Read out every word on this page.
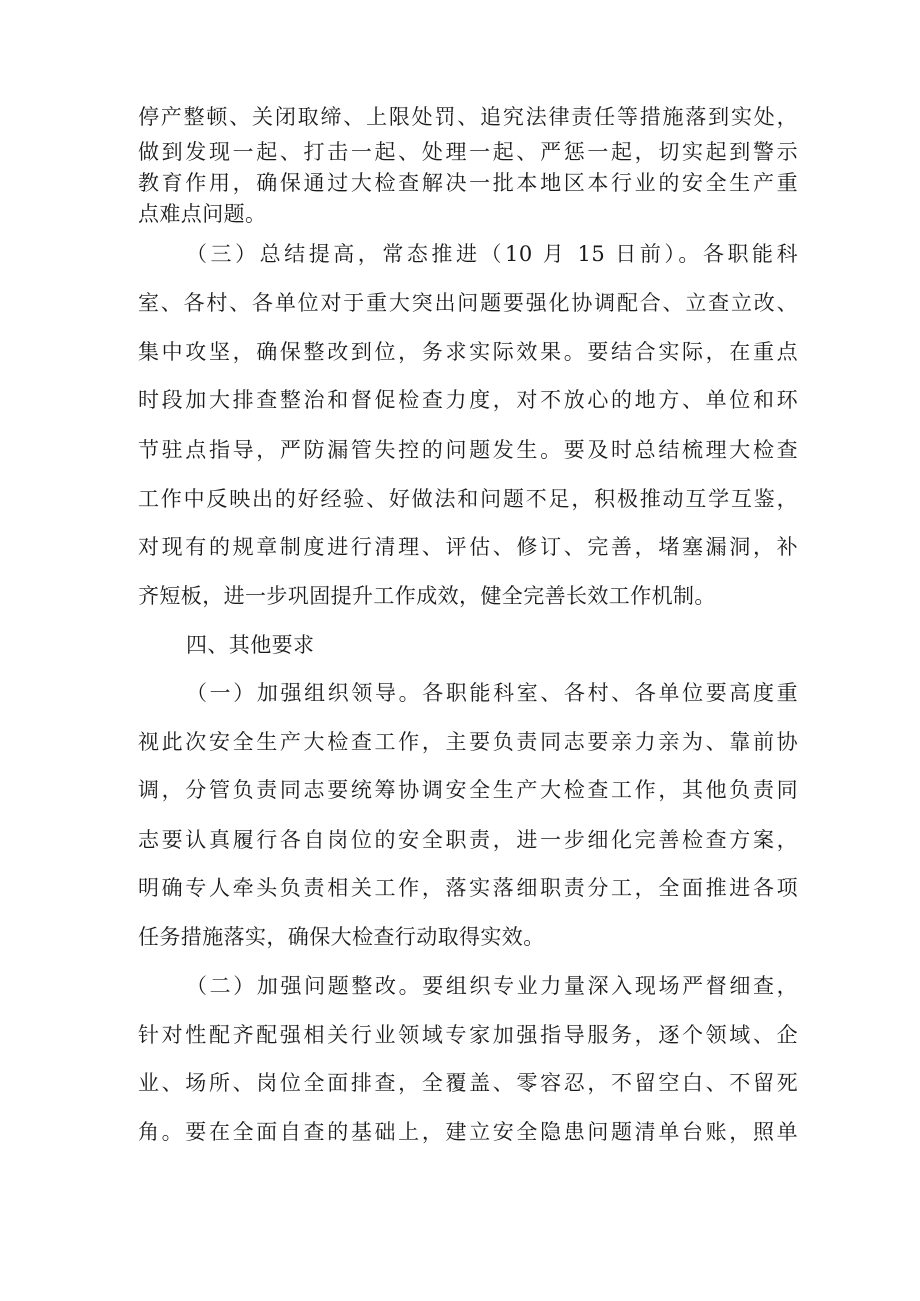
停产整顿、关闭取缔、上限处罚、追究法律责任等措施落到实处，
做到发现一起、打击一起、处理一起、严惩一起，切实起到警示
教育作用，确保通过大检查解决一批本地区本行业的安全生产重
点难点问题。
（三）总结提高，常态推进（10 月 15 日前）。各职能科
室、各村、各单位对于重大突出问题要强化协调配合、立查立改、
集中攻坚，确保整改到位，务求实际效果。要结合实际，在重点
时段加大排查整治和督促检查力度，对不放心的地方、单位和环
节驻点指导，严防漏管失控的问题发生。要及时总结梳理大检查
工作中反映出的好经验、好做法和问题不足，积极推动互学互鉴，
对现有的规章制度进行清理、评估、修订、完善，堵塞漏洞，补
齐短板，进一步巩固提升工作成效，健全完善长效工作机制。
四、其他要求
（一）加强组织领导。各职能科室、各村、各单位要高度重
视此次安全生产大检查工作，主要负责同志要亲力亲为、靠前协
调，分管负责同志要统筹协调安全生产大检查工作，其他负责同
志要认真履行各自岗位的安全职责，进一步细化完善检查方案，
明确专人牵头负责相关工作，落实落细职责分工，全面推进各项
任务措施落实，确保大检查行动取得实效。
（二）加强问题整改。要组织专业力量深入现场严督细查，
针对性配齐配强相关行业领域专家加强指导服务，逐个领域、企
业、场所、岗位全面排查，全覆盖、零容忍，不留空白、不留死
角。要在全面自查的基础上，建立安全隐患问题清单台账，照单
